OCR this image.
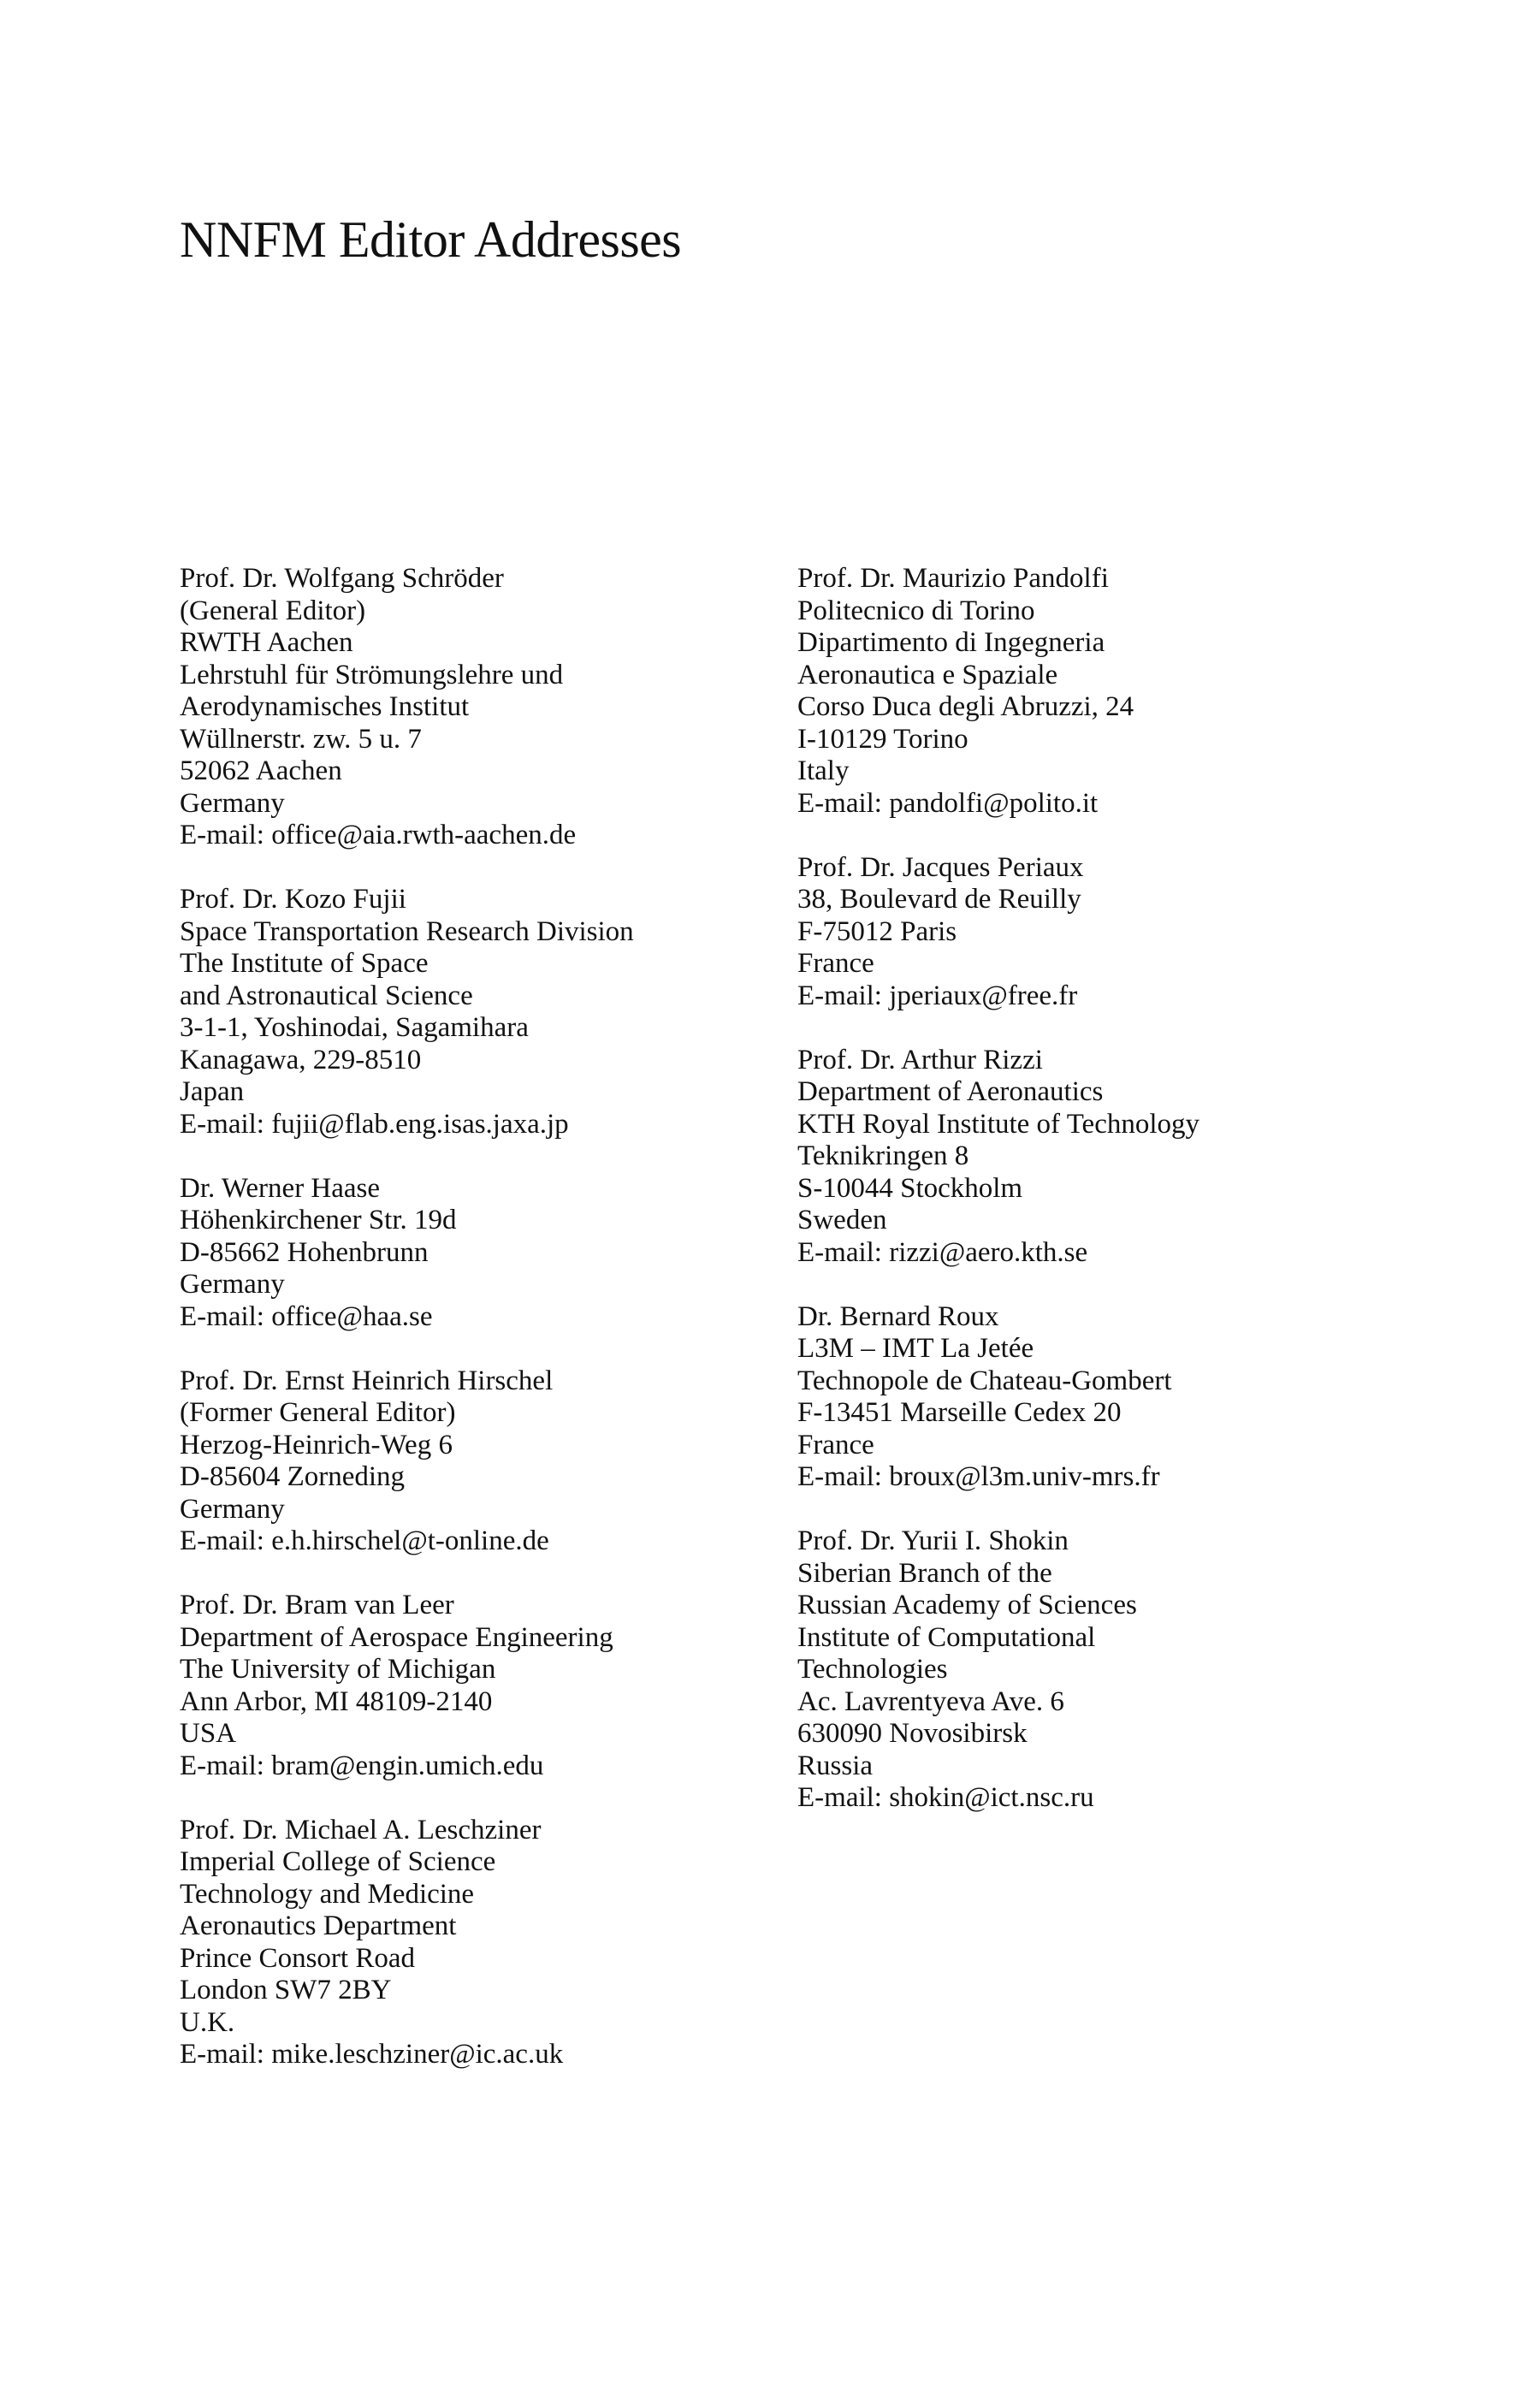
NNFM Editor Addresses
Prof. Dr. Wolfgang Schröder
(General Editor)
RWTH Aachen
Lehrstuhl für Strömungslehre und
Aerodynamisches Institut
Wüllnerstr. zw. 5 u. 7
52062 Aachen
Germany
E-mail: office@aia.rwth-aachen.de
Prof. Dr. Kozo Fujii
Space Transportation Research Division
The Institute of Space
and Astronautical Science
3-1-1, Yoshinodai, Sagamihara
Kanagawa, 229-8510
Japan
E-mail: fujii@flab.eng.isas.jaxa.jp
Dr. Werner Haase
Höhenkirchener Str. 19d
D-85662 Hohenbrunn
Germany
E-mail: office@haa.se
Prof. Dr. Ernst Heinrich Hirschel
(Former General Editor)
Herzog-Heinrich-Weg 6
D-85604 Zorneding
Germany
E-mail: e.h.hirschel@t-online.de
Prof. Dr. Bram van Leer
Department of Aerospace Engineering
The University of Michigan
Ann Arbor, MI 48109-2140
USA
E-mail: bram@engin.umich.edu
Prof. Dr. Michael A. Leschziner
Imperial College of Science
Technology and Medicine
Aeronautics Department
Prince Consort Road
London SW7 2BY
U.K.
E-mail: mike.leschziner@ic.ac.uk
Prof. Dr. Maurizio Pandolfi
Politecnico di Torino
Dipartimento di Ingegneria
Aeronautica e Spaziale
Corso Duca degli Abruzzi, 24
I-10129 Torino
Italy
E-mail: pandolfi@polito.it
Prof. Dr. Jacques Periaux
38, Boulevard de Reuilly
F-75012 Paris
France
E-mail: jperiaux@free.fr
Prof. Dr. Arthur Rizzi
Department of Aeronautics
KTH Royal Institute of Technology
Teknikringen 8
S-10044 Stockholm
Sweden
E-mail: rizzi@aero.kth.se
Dr. Bernard Roux
L3M – IMT La Jetée
Technopole de Chateau-Gombert
F-13451 Marseille Cedex 20
France
E-mail: broux@l3m.univ-mrs.fr
Prof. Dr. Yurii I. Shokin
Siberian Branch of the
Russian Academy of Sciences
Institute of Computational
Technologies
Ac. Lavrentyeva Ave. 6
630090 Novosibirsk
Russia
E-mail: shokin@ict.nsc.ru
